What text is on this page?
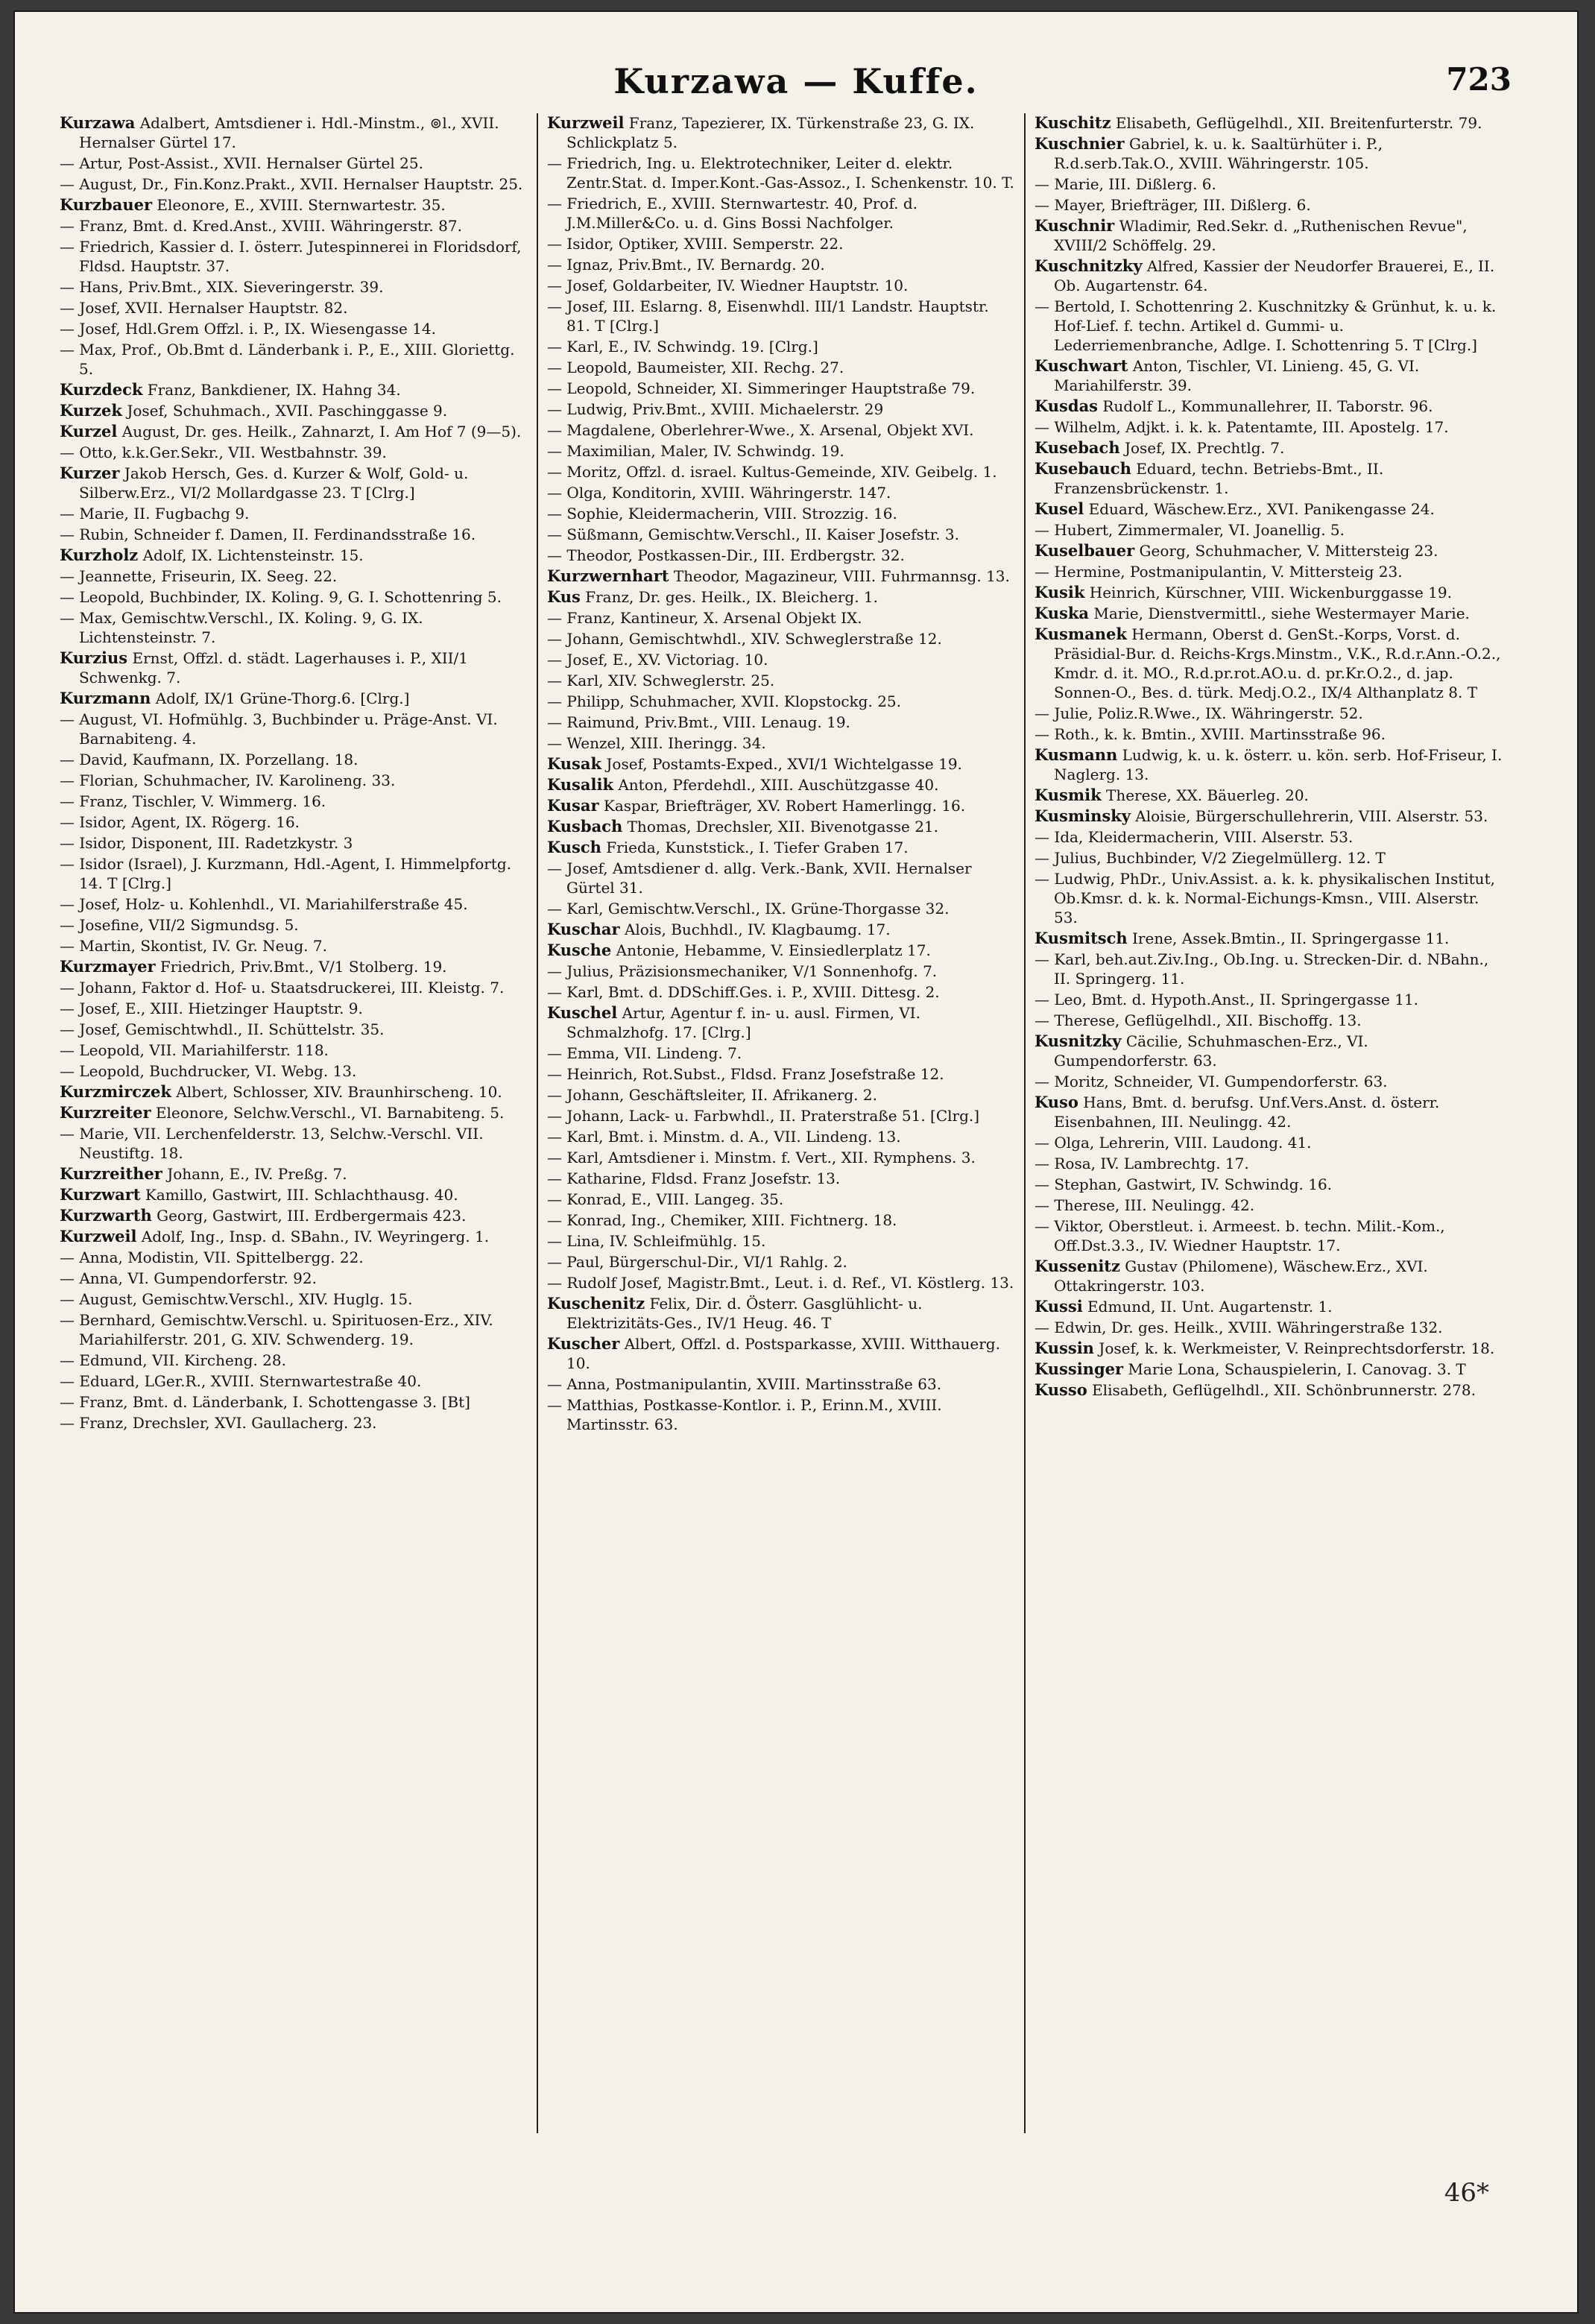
Kurzawa — Kuffe.	723

Kurzawa Adalbert, Amtsdiener i. Hdl.-Minstm., ⊚l., XVII. Hernalser Gürtel 17.

— Artur, Post-Assist., XVII. Hernalser Gürtel 25.

— August, Dr., Fin.Konz.Prakt., XVII. Hernalser Hauptstr. 25.

Kurzbauer Eleonore, E., XVIII. Sternwartestr. 35.

— Franz, Bmt. d. Kred.Anst., XVIII. Währingerstr. 87.

— Friedrich, Kassier d. I. österr. Jutespinnerei in Floridsdorf, Fldsd. Hauptstr. 37.

— Hans, Priv.Bmt., XIX. Sieveringerstr. 39.

— Josef, XVII. Hernalser Hauptstr. 82.

— Josef, Hdl.Grem Offzl. i. P., IX. Wiesengasse 14.

— Max, Prof., Ob.Bmt d. Länderbank i. P., E., XIII. Gloriettg. 5.

Kurzdeck Franz, Bankdiener, IX. Hahng 34.

Kurzek Josef, Schuhmach., XVII. Paschinggasse 9.

Kurzel August, Dr. ges. Heilk., Zahnarzt, I. Am Hof 7 (9—5).

— Otto, k.k.Ger.Sekr., VII. Westbahnstr. 39.

Kurzer Jakob Hersch, Ges. d. Kurzer & Wolf, Gold- u. Silberw.Erz., VI/2 Mollardgasse 23. T [Clrg.]

— Marie, II. Fugbachg 9.

— Rubin, Schneider f. Damen, II. Ferdinandsstraße 16.

Kurzholz Adolf, IX. Lichtensteinstr. 15.

— Jeannette, Friseurin, IX. Seeg. 22.

— Leopold, Buchbinder, IX. Koling. 9, G. I. Schottenring 5.

— Max, Gemischtw.Verschl., IX. Koling. 9, G. IX. Lichtensteinstr. 7.

Kurzius Ernst, Offzl. d. städt. Lagerhauses i. P., XII/1 Schwenkg. 7.

Kurzmann Adolf, IX/1 Grüne-Thorg.6. [Clrg.]

— August, VI. Hofmühlg. 3, Buchbinder u. Präge-Anst. VI. Barnabiteng. 4.

— David, Kaufmann, IX. Porzellang. 18.

— Florian, Schuhmacher, IV. Karolineng. 33.

— Franz, Tischler, V. Wimmerg. 16.

— Isidor, Agent, IX. Rögerg. 16.

— Isidor, Disponent, III. Radetzkystr. 3

— Isidor (Israel), J. Kurzmann, Hdl.-Agent, I. Himmelpfortg. 14. T [Clrg.]

— Josef, Holz- u. Kohlenhdl., VI. Mariahilferstraße 45.

— Josefine, VII/2 Sigmundsg. 5.

— Martin, Skontist, IV. Gr. Neug. 7.

Kurzmayer Friedrich, Priv.Bmt., V/1 Stolberg. 19.

— Johann, Faktor d. Hof- u. Staatsdruckerei, III. Kleistg. 7.

— Josef, E., XIII. Hietzinger Hauptstr. 9.

— Josef, Gemischtwhdl., II. Schüttelstr. 35.

— Leopold, VII. Mariahilferstr. 118.

— Leopold, Buchdrucker, VI. Webg. 13.

Kurzmirczek Albert, Schlosser, XIV. Braunhirscheng. 10.

Kurzreiter Eleonore, Selchw.Verschl., VI. Barnabiteng. 5.

— Marie, VII. Lerchenfelderstr. 13, Selchw.-Verschl. VII. Neustiftg. 18.

Kurzreither Johann, E., IV. Preßg. 7.

Kurzwart Kamillo, Gastwirt, III. Schlachthausg. 40.

Kurzwarth Georg, Gastwirt, III. Erdbergermais 423.

Kurzweil Adolf, Ing., Insp. d. SBahn., IV. Weyringerg. 1.

— Anna, Modistin, VII. Spittelbergg. 22.

— Anna, VI. Gumpendorferstr. 92.

— August, Gemischtw.Verschl., XIV. Huglg. 15.

— Bernhard, Gemischtw.Verschl. u. Spirituosen-Erz., XIV. Mariahilferstr. 201, G. XIV. Schwenderg. 19.

— Edmund, VII. Kircheng. 28.

— Eduard, LGer.R., XVIII. Sternwartestraße 40.

— Franz, Bmt. d. Länderbank, I. Schottengasse 3. [Bt]

— Franz, Drechsler, XVI. Gaullacherg. 23.

Kurzweil Franz, Tapezierer, IX. Türkenstraße 23, G. IX. Schlickplatz 5.

— Friedrich, Ing. u. Elektrotechniker, Leiter d. elektr. Zentr.Stat. d. Imper.Kont.-Gas-Assoz., I. Schenkenstr. 10. T.

— Friedrich, E., XVIII. Sternwartestr. 40, Prof. d. J.M.Miller&Co. u. d. Gins Bossi Nachfolger.

— Isidor, Optiker, XVIII. Semperstr. 22.

— Ignaz, Priv.Bmt., IV. Bernardg. 20.

— Josef, Goldarbeiter, IV. Wiedner Hauptstr. 10.

— Josef, III. Eslarng. 8, Eisenwhdl. III/1 Landstr. Hauptstr. 81. T [Clrg.]

— Karl, E., IV. Schwindg. 19. [Clrg.]

— Leopold, Baumeister, XII. Rechg. 27.

— Leopold, Schneider, XI. Simmeringer Hauptstraße 79.

— Ludwig, Priv.Bmt., XVIII. Michaelerstr. 29

— Magdalene, Oberlehrer-Wwe., X. Arsenal, Objekt XVI.

— Maximilian, Maler, IV. Schwindg. 19.

— Moritz, Offzl. d. israel. Kultus-Gemeinde, XIV. Geibelg. 1.

— Olga, Konditorin, XVIII. Währingerstr. 147.

— Sophie, Kleidermacherin, VIII. Strozzig. 16.

— Süßmann, Gemischtw.Verschl., II. Kaiser Josefstr. 3.

— Theodor, Postkassen-Dir., III. Erdbergstr. 32.

Kurzwernhart Theodor, Magazineur, VIII. Fuhrmannsg. 13.

Kus Franz, Dr. ges. Heilk., IX. Bleicherg. 1.

— Franz, Kantineur, X. Arsenal Objekt IX.

— Johann, Gemischtwhdl., XIV. Schweglerstraße 12.

— Josef, E., XV. Victoriag. 10.

— Karl, XIV. Schweglerstr. 25.

— Philipp, Schuhmacher, XVII. Klopstockg. 25.

— Raimund, Priv.Bmt., VIII. Lenaug. 19.

— Wenzel, XIII. Iheringg. 34.

Kusak Josef, Postamts-Exped., XVI/1 Wichtelgasse 19.

Kusalik Anton, Pferdehdl., XIII. Auschützgasse 40.

Kusar Kaspar, Briefträger, XV. Robert Hamerlingg. 16.

Kusbach Thomas, Drechsler, XII. Bivenotgasse 21.

Kusch Frieda, Kunststick., I. Tiefer Graben 17.

— Josef, Amtsdiener d. allg. Verk.-Bank, XVII. Hernalser Gürtel 31.

— Karl, Gemischtw.Verschl., IX. Grüne-Thorgasse 32.

Kuschar Alois, Buchhdl., IV. Klagbaumg. 17.

Kusche Antonie, Hebamme, V. Einsiedlerplatz 17.

— Julius, Präzisionsmechaniker, V/1 Sonnenhofg. 7.

— Karl, Bmt. d. DDSchiff.Ges. i. P., XVIII. Dittesg. 2.

Kuschel Artur, Agentur f. in- u. ausl. Firmen, VI. Schmalzhofg. 17. [Clrg.]

— Emma, VII. Lindeng. 7.

— Heinrich, Rot.Subst., Fldsd. Franz Josefstraße 12.

— Johann, Geschäftsleiter, II. Afrikanerg. 2.

— Johann, Lack- u. Farbwhdl., II. Praterstraße 51. [Clrg.]

— Karl, Bmt. i. Minstm. d. A., VII. Lindeng. 13.

— Karl, Amtsdiener i. Minstm. f. Vert., XII. Rymphens. 3.

— Katharine, Fldsd. Franz Josefstr. 13.

— Konrad, E., VIII. Langeg. 35.

— Konrad, Ing., Chemiker, XIII. Fichtnerg. 18.

— Lina, IV. Schleifmühlg. 15.

— Paul, Bürgerschul-Dir., VI/1 Rahlg. 2.

— Rudolf Josef, Magistr.Bmt., Leut. i. d. Ref., VI. Köstlerg. 13.

Kuschenitz Felix, Dir. d. Österr. Gasglühlicht- u. Elektrizitäts-Ges., IV/1 Heug. 46. T

Kuscher Albert, Offzl. d. Postsparkasse, XVIII. Witthauerg. 10.

— Anna, Postmanipulantin, XVIII. Martinsstraße 63.

— Matthias, Postkasse-Kontlor. i. P., Erinn.M., XVIII. Martinsstr. 63.

Kuschitz Elisabeth, Geflügelhdl., XII. Breitenfurterstr. 79.

Kuschnier Gabriel, k. u. k. Saaltürhüter i. P., R.d.serb.Tak.O., XVIII. Währingerstr. 105.

— Marie, III. Dißlerg. 6.

— Mayer, Briefträger, III. Dißlerg. 6.

Kuschnir Wladimir, Red.Sekr. d. „Ruthenischen Revue", XVIII/2 Schöffelg. 29.

Kuschnitzky Alfred, Kassier der Neudorfer Brauerei, E., II. Ob. Augartenstr. 64.

— Bertold, I. Schottenring 2. Kuschnitzky & Grünhut, k. u. k. Hof-Lief. f. techn. Artikel d. Gummi- u. Lederriemenbranche, Adlge. I. Schottenring 5. T [Clrg.]

Kuschwart Anton, Tischler, VI. Linieng. 45, G. VI. Mariahilferstr. 39.

Kusdas Rudolf L., Kommunallehrer, II. Taborstr. 96.

— Wilhelm, Adjkt. i. k. k. Patentamte, III. Apostelg. 17.

Kusebach Josef, IX. Prechtlg. 7.

Kusebauch Eduard, techn. Betriebs-Bmt., II. Franzensbrückenstr. 1.

Kusel Eduard, Wäschew.Erz., XVI. Panikengasse 24.

— Hubert, Zimmermaler, VI. Joanellig. 5.

Kuselbauer Georg, Schuhmacher, V. Mittersteig 23.

— Hermine, Postmanipulantin, V. Mittersteig 23.

Kusik Heinrich, Kürschner, VIII. Wickenburggasse 19.

Kuska Marie, Dienstvermittl., siehe Westermayer Marie.

Kusmanek Hermann, Oberst d. GenSt.-Korps, Vorst. d. Präsidial-Bur. d. Reichs-Krgs.Minstm., V.K., R.d.r.Ann.-O.2., Kmdr. d. it. MO., R.d.pr.rot.AO.u. d. pr.Kr.O.2., d. jap. Sonnen-O., Bes. d. türk. Medj.O.2., IX/4 Althanplatz 8. T

— Julie, Poliz.R.Wwe., IX. Währingerstr. 52.

— Roth., k. k. Bmtin., XVIII. Martinsstraße 96.

Kusmann Ludwig, k. u. k. österr. u. kön. serb. Hof-Friseur, I. Naglerg. 13.

Kusmik Therese, XX. Bäuerleg. 20.

Kusminsky Aloisie, Bürgerschullehrerin, VIII. Alserstr. 53.

— Ida, Kleidermacherin, VIII. Alserstr. 53.

— Julius, Buchbinder, V/2 Ziegelmüllerg. 12. T

— Ludwig, PhDr., Univ.Assist. a. k. k. physikalischen Institut, Ob.Kmsr. d. k. k. Normal-Eichungs-Kmsn., VIII. Alserstr. 53.

Kusmitsch Irene, Assek.Bmtin., II. Springergasse 11.

— Karl, beh.aut.Ziv.Ing., Ob.Ing. u. Strecken-Dir. d. NBahn., II. Springerg. 11.

— Leo, Bmt. d. Hypoth.Anst., II. Springergasse 11.

— Therese, Geflügelhdl., XII. Bischoffg. 13.

Kusnitzky Cäcilie, Schuhmaschen-Erz., VI. Gumpendorferstr. 63.

— Moritz, Schneider, VI. Gumpendorferstr. 63.

Kuso Hans, Bmt. d. berufsg. Unf.Vers.Anst. d. österr. Eisenbahnen, III. Neulingg. 42.

— Olga, Lehrerin, VIII. Laudong. 41.

— Rosa, IV. Lambrechtg. 17.

— Stephan, Gastwirt, IV. Schwindg. 16.

— Therese, III. Neulingg. 42.

— Viktor, Oberstleut. i. Armeest. b. techn. Milit.-Kom., Off.Dst.3.3., IV. Wiedner Hauptstr. 17.

Kussenitz Gustav (Philomene), Wäschew.Erz., XVI. Ottakringerstr. 103.

Kussi Edmund, II. Unt. Augartenstr. 1.

— Edwin, Dr. ges. Heilk., XVIII. Währingerstraße 132.

Kussin Josef, k. k. Werkmeister, V. Reinprechtsdorferstr. 18.

Kussinger Marie Lona, Schauspielerin, I. Canovag. 3. T

Kusso Elisabeth, Geflügelhdl., XII. Schönbrunnerstr. 278.

46*
